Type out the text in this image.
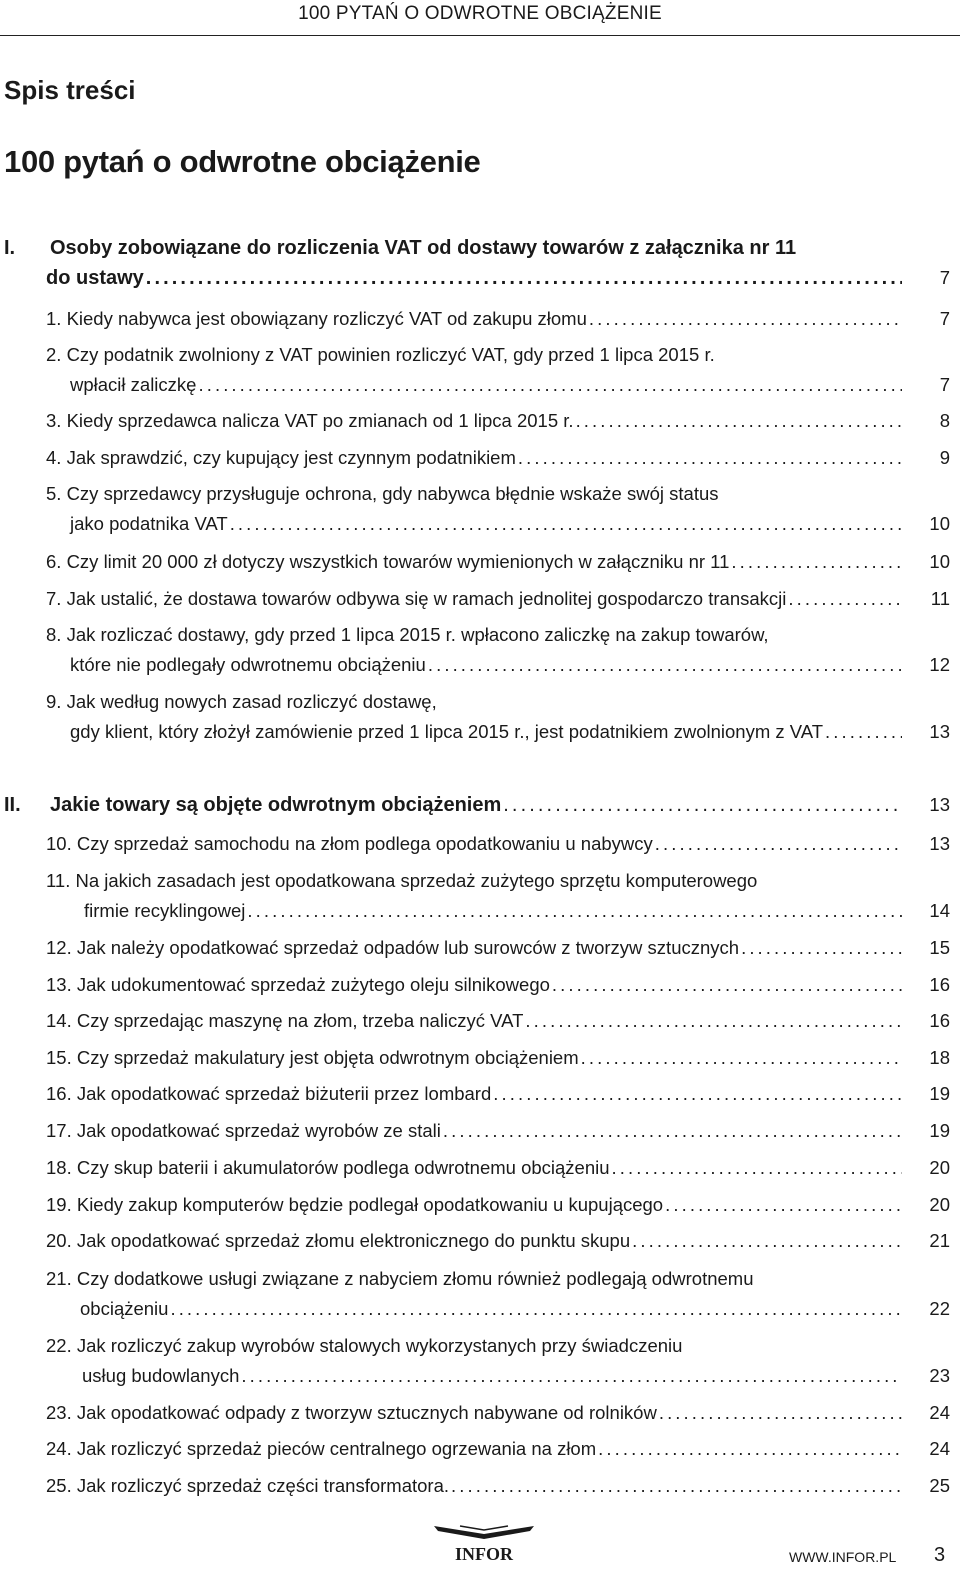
100 PYTAŃ O ODWROTNE OBCIĄŻENIE
Spis treści
100 pytań o odwrotne obciążenie
I.	Osoby zobowiązane do rozliczenia VAT od dostawy towarów z załącznika nr 11
do ustawy .....	7
1. Kiedy nabywca jest obowiązany rozliczyć VAT od zakupu złomu .....	7
2. Czy podatnik zwolniony z VAT powinien rozliczyć VAT, gdy przed 1 lipca 2015 r.
wpłacił zaliczkę .....	7
3. Kiedy sprzedawca nalicza VAT po zmianach od 1 lipca 2015 r. .....	8
4. Jak sprawdzić, czy kupujący jest czynnym podatnikiem .....	9
5. Czy sprzedawcy przysługuje ochrona, gdy nabywca błędnie wskaże swój status
jako podatnika VAT .....	10
6. Czy limit 20 000 zł dotyczy wszystkich towarów wymienionych w załączniku nr 11 .....	10
7. Jak ustalić, że dostawa towarów odbywa się w ramach jednolitej gospodarczo transakcji .....	11
8. Jak rozliczać dostawy, gdy przed 1 lipca 2015 r. wpłacono zaliczkę na zakup towarów,
które nie podlegały odwrotnemu obciążeniu .....	12
9. Jak według nowych zasad rozliczyć dostawę,
gdy klient, który złożył zamówienie przed 1 lipca 2015 r., jest podatnikiem zwolnionym z VAT .....	13
II.	Jakie towary są objęte odwrotnym obciążeniem .....	13
10. Czy sprzedaż samochodu na złom podlega opodatkowaniu u nabywcy .....	13
11. Na jakich zasadach jest opodatkowana sprzedaż zużytego sprzętu komputerowego
firmie recyklingowej .....	14
12. Jak należy opodatkować sprzedaż odpadów lub surowców z tworzyw sztucznych .....	15
13. Jak udokumentować sprzedaż zużytego oleju silnikowego .....	16
14. Czy sprzedając maszynę na złom, trzeba naliczyć VAT .....	16
15. Czy sprzedaż makulatury jest objęta odwrotnym obciążeniem .....	18
16. Jak opodatkować sprzedaż biżuterii przez lombard .....	19
17. Jak opodatkować sprzedaż wyrobów ze stali .....	19
18. Czy skup baterii i akumulatorów podlega odwrotnemu obciążeniu .....	20
19. Kiedy zakup komputerów będzie podlegał opodatkowaniu u kupującego .....	20
20. Jak opodatkować sprzedaż złomu elektronicznego do punktu skupu .....	21
21. Czy dodatkowe usługi związane z nabyciem złomu również podlegają odwrotnemu
obciążeniu .....	22
22. Jak rozliczyć zakup wyrobów stalowych wykorzystanych przy świadczeniu
usług budowlanych .....	23
23. Jak opodatkować odpady z tworzyw sztucznych nabywane od rolników .....	24
24. Jak rozliczyć sprzedaż pieców centralnego ogrzewania na złom .....	24
25. Jak rozliczyć sprzedaż części transformatora. .....	25
INFOR	WWW.INFOR.PL 3
